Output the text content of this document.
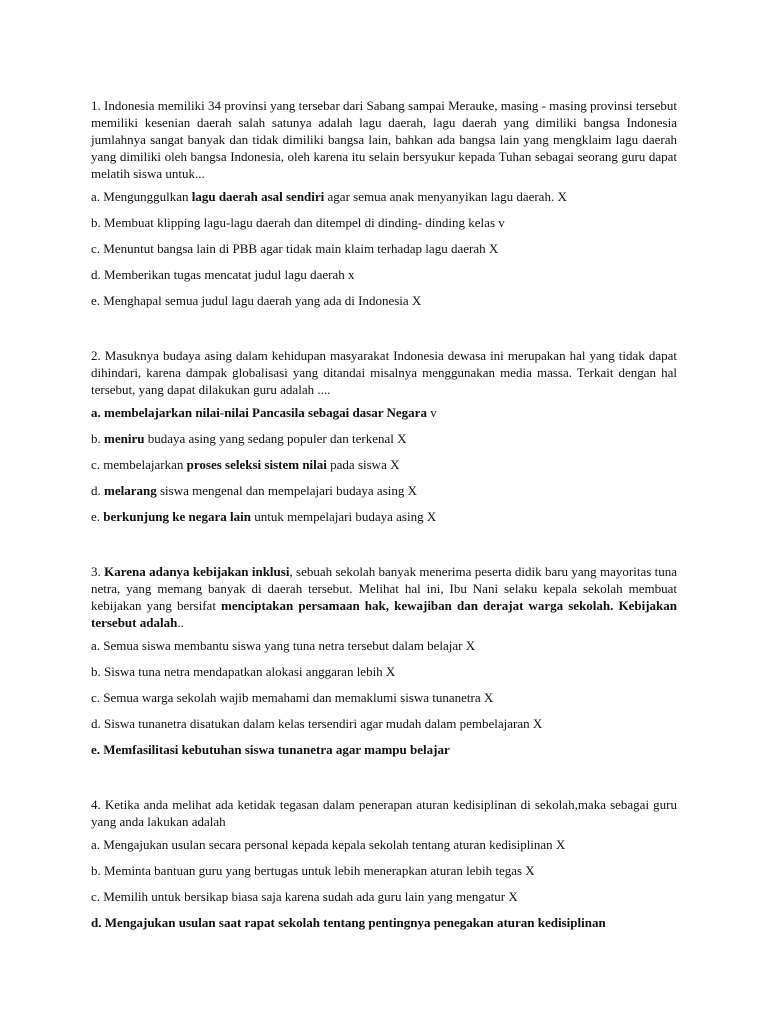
1. Indonesia memiliki 34 provinsi yang tersebar dari Sabang sampai Merauke, masing - masing provinsi tersebut memiliki kesenian daerah salah satunya adalah lagu daerah, lagu daerah yang dimiliki bangsa Indonesia jumlahnya sangat banyak dan tidak dimiliki bangsa lain, bahkan ada bangsa lain yang mengklaim lagu daerah yang dimiliki oleh bangsa Indonesia, oleh karena itu selain bersyukur kepada Tuhan sebagai seorang guru dapat melatih siswa untuk...

a. Mengunggulkan lagu daerah asal sendiri agar semua anak menyanyikan lagu daerah. X

b. Membuat klipping lagu-lagu daerah dan ditempel di dinding- dinding kelas v

c. Menuntut bangsa lain di PBB agar tidak main klaim terhadap lagu daerah X

d. Memberikan tugas mencatat judul lagu daerah x

e. Menghapal semua judul lagu daerah yang ada di Indonesia X

2. Masuknya budaya asing dalam kehidupan masyarakat Indonesia dewasa ini merupakan hal yang tidak dapat dihindari, karena dampak globalisasi yang ditandai misalnya menggunakan media massa. Terkait dengan hal tersebut, yang dapat dilakukan guru adalah ....

a. membelajarkan nilai-nilai Pancasila sebagai dasar Negara v

b. meniru budaya asing yang sedang populer dan terkenal X

c. membelajarkan proses seleksi sistem nilai pada siswa X

d. melarang siswa mengenal dan mempelajari budaya asing X

e. berkunjung ke negara lain untuk mempelajari budaya asing X

3. Karena adanya kebijakan inklusi, sebuah sekolah banyak menerima peserta didik baru yang mayoritas tuna netra, yang memang banyak di daerah tersebut. Melihat hal ini, Ibu Nani selaku kepala sekolah membuat kebijakan yang bersifat menciptakan persamaan hak, kewajiban dan derajat warga sekolah. Kebijakan tersebut adalah..

a. Semua siswa membantu siswa yang tuna netra tersebut dalam belajar X

b. Siswa tuna netra mendapatkan alokasi anggaran lebih X

c. Semua warga sekolah wajib memahami dan memaklumi siswa tunanetra X

d. Siswa tunanetra disatukan dalam kelas tersendiri agar mudah dalam pembelajaran X

e. Memfasilitasi kebutuhan siswa tunanetra agar mampu belajar

4. Ketika anda melihat ada ketidak tegasan dalam penerapan aturan kedisiplinan di sekolah,maka sebagai guru yang anda lakukan adalah

a. Mengajukan usulan secara personal kepada kepala sekolah tentang aturan kedisiplinan X

b. Meminta bantuan guru yang bertugas untuk lebih menerapkan aturan lebih tegas X

c. Memilih untuk bersikap biasa saja karena sudah ada guru lain yang mengatur X

d. Mengajukan usulan saat rapat sekolah tentang pentingnya penegakan aturan kedisiplinan
